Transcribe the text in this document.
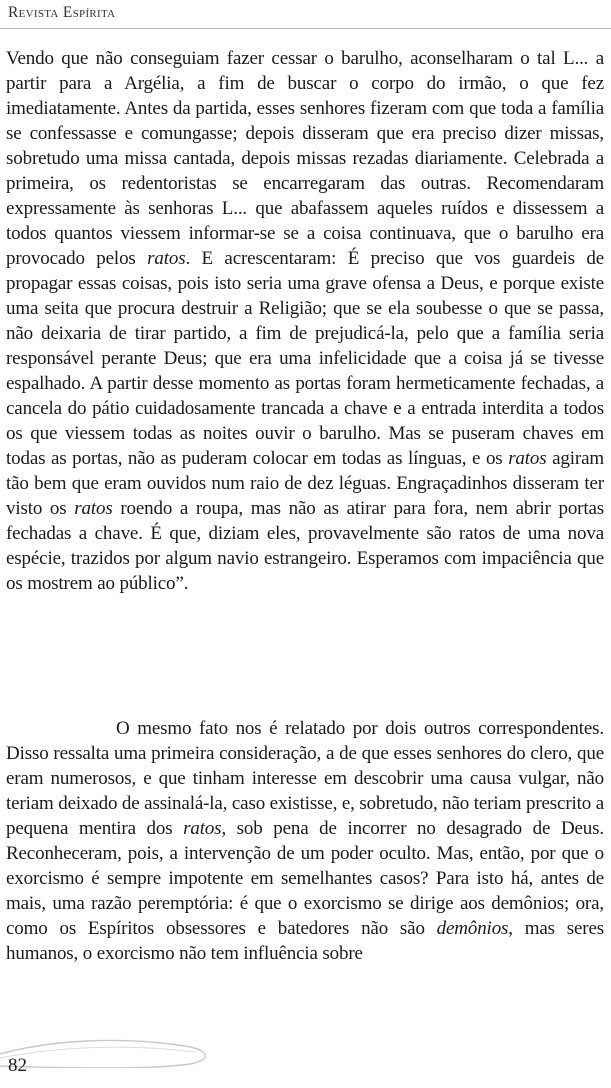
Revista Espírita

Vendo que não conseguiam fazer cessar o barulho, aconselharam o tal L... a partir para a Argélia, a fim de buscar o corpo do irmão, o que fez imediatamente. Antes da partida, esses senhores fizeram com que toda a família se confessasse e comungasse; depois disseram que era preciso dizer missas, sobretudo uma missa cantada, depois missas rezadas diariamente. Celebrada a primeira, os redentoristas se encarregaram das outras. Recomendaram expressamente às senhoras L... que abafassem aqueles ruídos e dissessem a todos quantos viessem informar-se se a coisa continuava, que o barulho era provocado pelos ratos. E acrescentaram: É preciso que vos guardeis de propagar essas coisas, pois isto seria uma grave ofensa a Deus, e porque existe uma seita que procura destruir a Religião; que se ela soubesse o que se passa, não deixaria de tirar partido, a fim de prejudicá-la, pelo que a família seria responsável perante Deus; que era uma infelicidade que a coisa já se tivesse espalhado. A partir desse momento as portas foram hermeticamente fechadas, a cancela do pátio cuidadosamente trancada a chave e a entrada interdita a todos os que viessem todas as noites ouvir o barulho. Mas se puseram chaves em todas as portas, não as puderam colocar em todas as línguas, e os ratos agiram tão bem que eram ouvidos num raio de dez léguas. Engraçadinhos disseram ter visto os ratos roendo a roupa, mas não as atirar para fora, nem abrir portas fechadas a chave. É que, diziam eles, provavelmente são ratos de uma nova espécie, trazidos por algum navio estrangeiro. Esperamos com impaciência que os mostrem ao público”.

O mesmo fato nos é relatado por dois outros correspondentes. Disso ressalta uma primeira consideração, a de que esses senhores do clero, que eram numerosos, e que tinham interesse em descobrir uma causa vulgar, não teriam deixado de assinalá-la, caso existisse, e, sobretudo, não teriam prescrito a pequena mentira dos ratos, sob pena de incorrer no desagrado de Deus. Reconheceram, pois, a intervenção de um poder oculto. Mas, então, por que o exorcismo é sempre impotente em semelhantes casos? Para isto há, antes de mais, uma razão peremptória: é que o exorcismo se dirige aos demônios; ora, como os Espíritos obsessores e batedores não são demônios, mas seres humanos, o exorcismo não tem influência sobre

82
